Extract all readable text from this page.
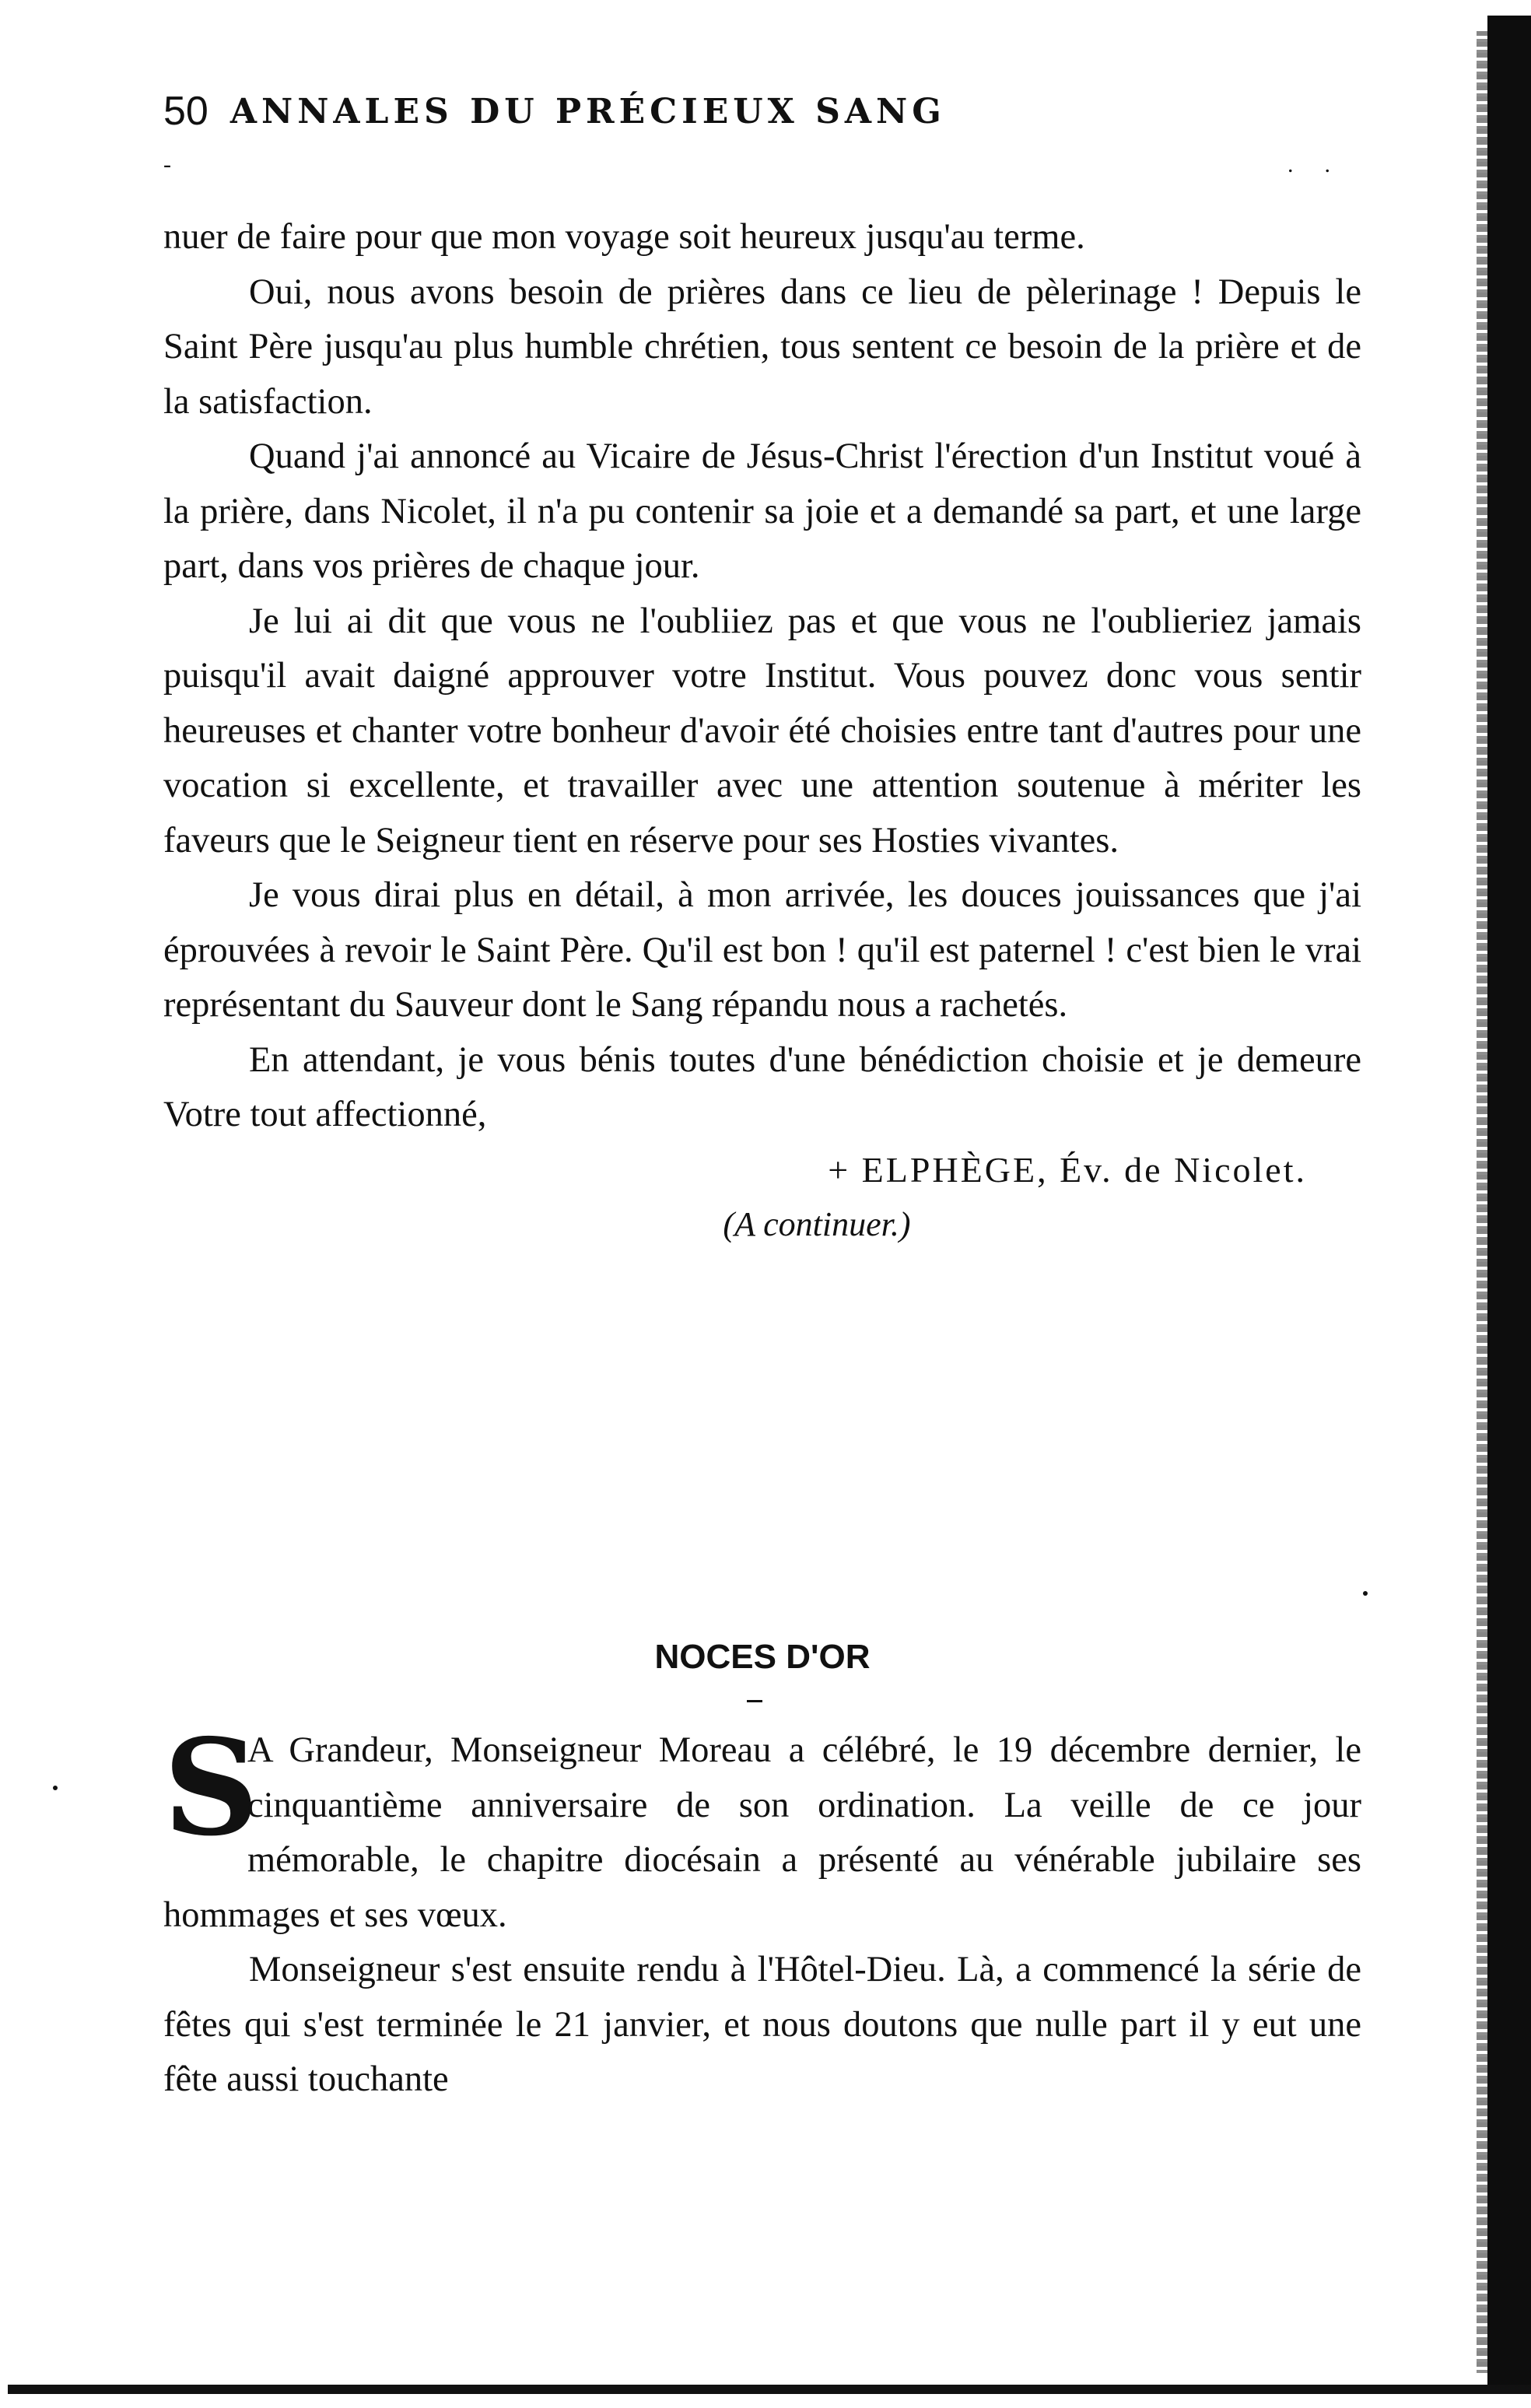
50 ANNALES DU PRÉCIEUX SANG
-	..

nuer de faire pour que mon voyage soit heureux jusqu'au terme.

Oui, nous avons besoin de prières dans ce lieu de pèlerinage ! Depuis le Saint Père jusqu'au plus humble chrétien, tous sentent ce besoin de la prière et de la satisfaction.

Quand j'ai annoncé au Vicaire de Jésus-Christ l'érection d'un Institut voué à la prière, dans Nicolet, il n'a pu contenir sa joie et a demandé sa part, et une large part, dans vos prières de chaque jour.

Je lui ai dit que vous ne l'oubliiez pas et que vous ne l'oublieriez jamais puisqu'il avait daigné approuver votre Institut. Vous pouvez donc vous sentir heureuses et chanter votre bonheur d'avoir été choisies entre tant d'autres pour une vocation si excellente, et travailler avec une attention soutenue à mériter les faveurs que le Seigneur tient en réserve pour ses Hosties vivantes.

Je vous dirai plus en détail, à mon arrivée, les douces jouissances que j'ai éprouvées à revoir le Saint Père. Qu'il est bon ! qu'il est paternel ! c'est bien le vrai représentant du Sauveur dont le Sang répandu nous a rachetés.

En attendant, je vous bénis toutes d'une bénédiction choisie et je demeure Votre tout affectionné,

+ ELPHÈGE, Év. de Nicolet.

(A continuer.)

NOCES D'OR

S
A Grandeur, Monseigneur Moreau a célébré, le 19 décembre dernier, le cinquantième anniversaire de son ordination. La veille de ce jour mémorable, le chapitre diocésain a présenté au vénérable jubilaire ses hommages et ses vœux.

Monseigneur s'est ensuite rendu à l'Hôtel-Dieu. Là, a commencé la série de fêtes qui s'est terminée le 21 janvier, et nous doutons que nulle part il y eut une fête aussi touchante
